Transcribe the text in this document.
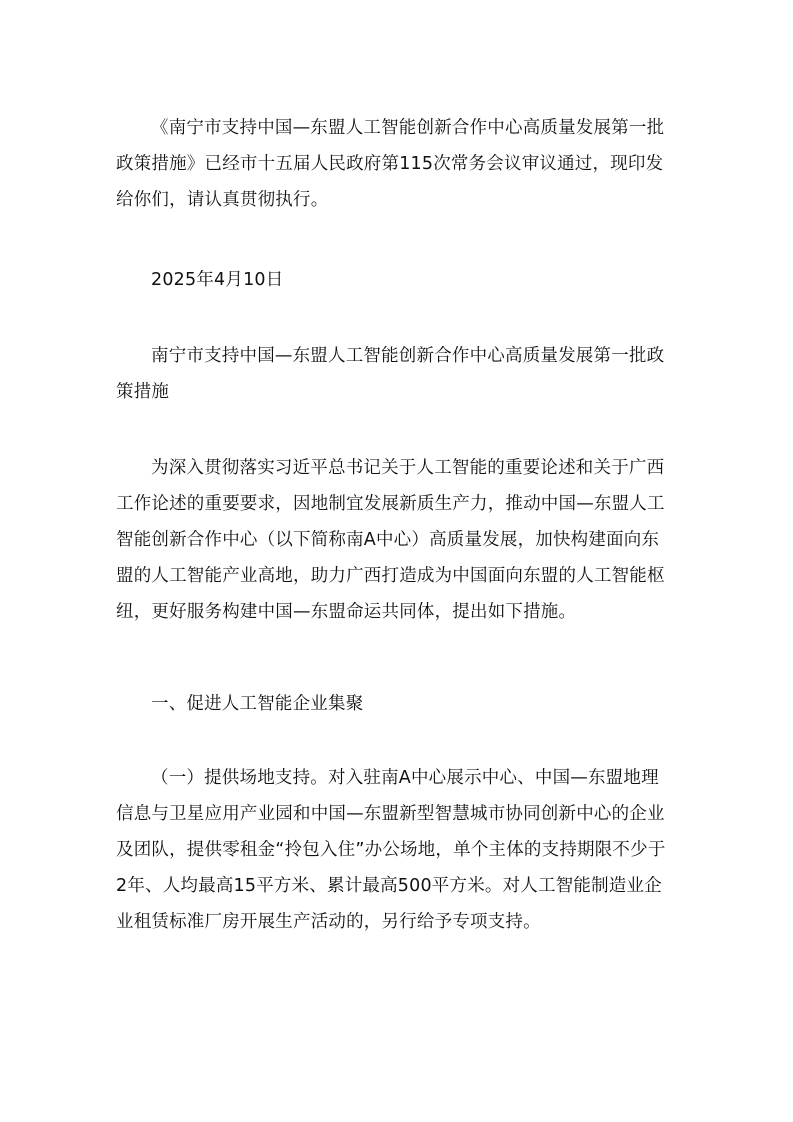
《南宁市支持中国—东盟人工智能创新合作中心高质量发展第一批政策措施》已经市十五届人民政府第115次常务会议审议通过，现印发给你们，请认真贯彻执行。

2025年4月10日

南宁市支持中国—东盟人工智能创新合作中心高质量发展第一批政策措施

为深入贯彻落实习近平总书记关于人工智能的重要论述和关于广西工作论述的重要要求，因地制宜发展新质生产力，推动中国—东盟人工智能创新合作中心（以下简称南A中心）高质量发展，加快构建面向东盟的人工智能产业高地，助力广西打造成为中国面向东盟的人工智能枢纽，更好服务构建中国—东盟命运共同体，提出如下措施。

一、促进人工智能企业集聚

（一）提供场地支持。对入驻南A中心展示中心、中国—东盟地理信息与卫星应用产业园和中国—东盟新型智慧城市协同创新中心的企业及团队，提供零租金“拎包入住”办公场地，单个主体的支持期限不少于2年、人均最高15平方米、累计最高500平方米。对人工智能制造业企业租赁标准厂房开展生产活动的，另行给予专项支持。
